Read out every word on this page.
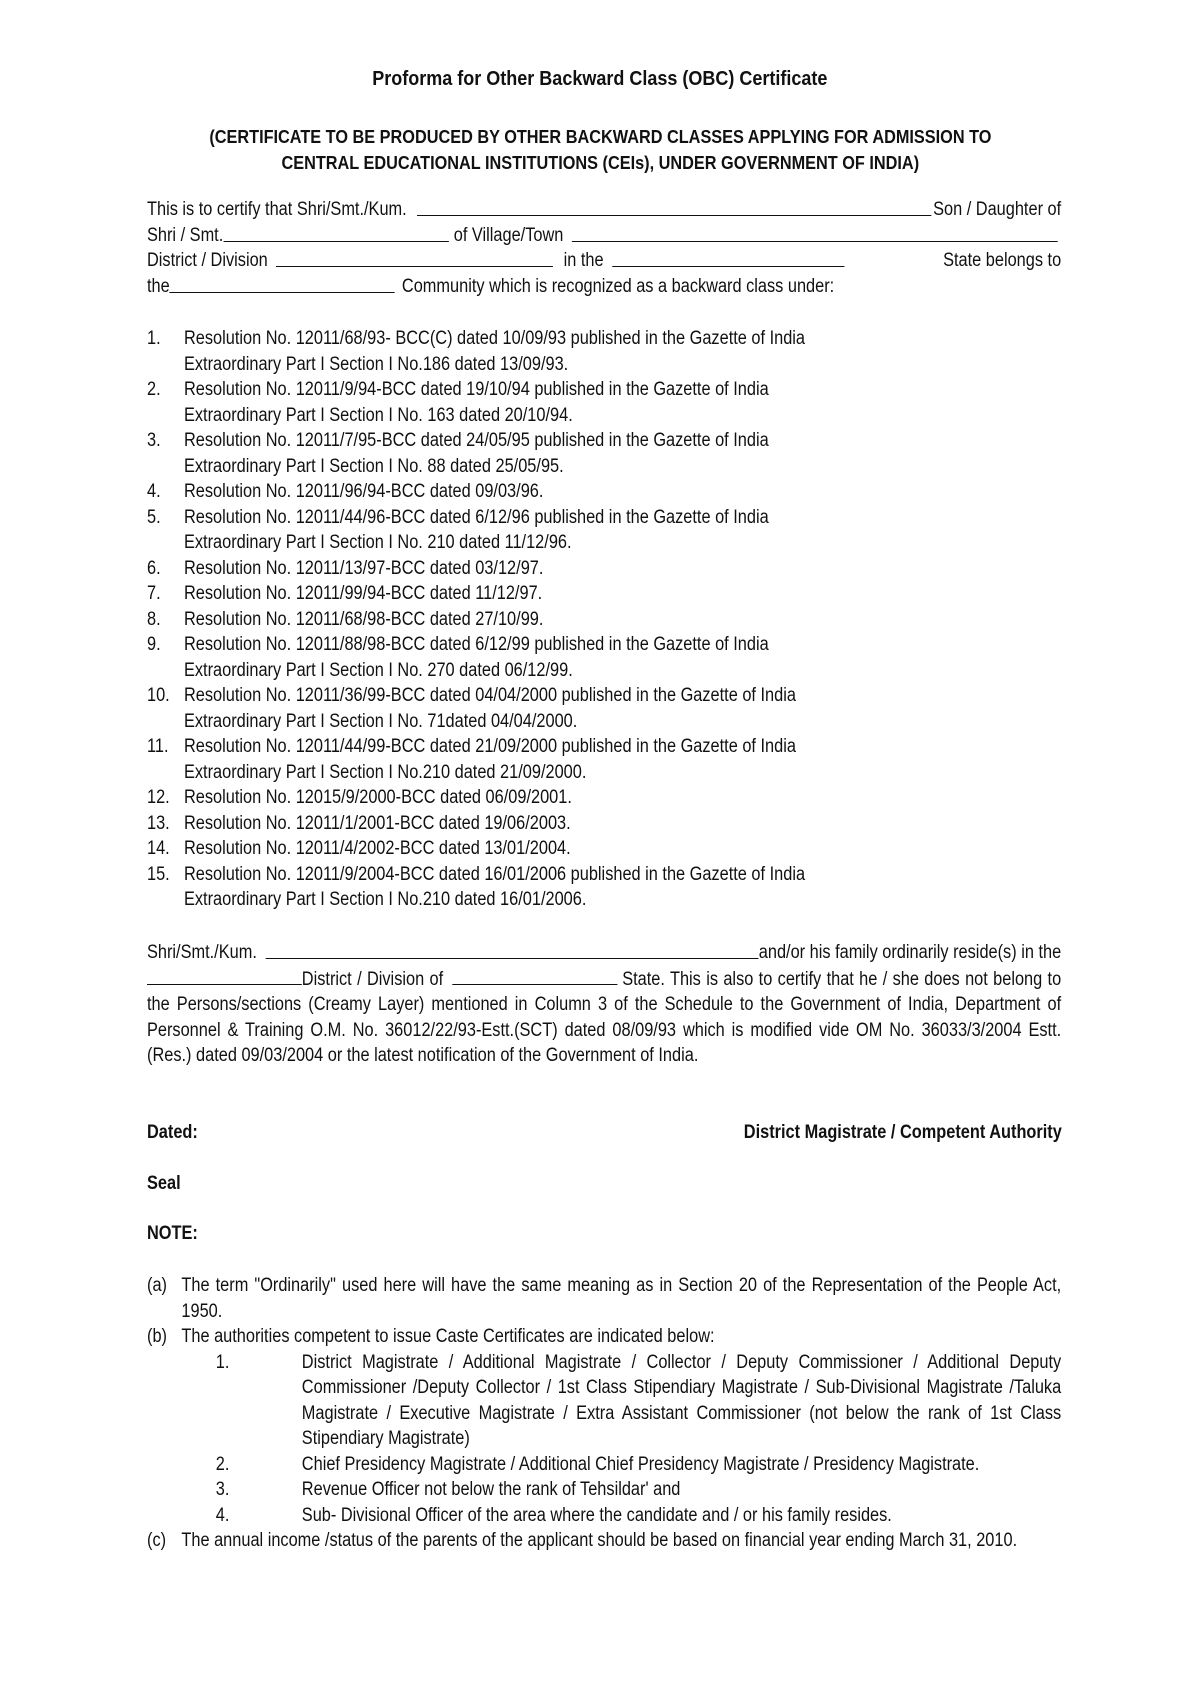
Proforma for Other Backward Class (OBC) Certificate
(CERTIFICATE TO BE PRODUCED BY OTHER BACKWARD CLASSES APPLYING FOR ADMISSION TO
CENTRAL EDUCATIONAL INSTITUTIONS (CEIs), UNDER GOVERNMENT OF INDIA)
This is to certify that Shri/Smt./Kum.	Son / Daughter of
Shri / Smt.	of Village/Town
District / Division	in the	State belongs to
the	Community which is recognized as a backward class under:
1.	Resolution No. 12011/68/93- BCC(C) dated 10/09/93 published in the Gazette of India
Extraordinary Part I Section I No.186 dated 13/09/93.
2.	Resolution No. 12011/9/94-BCC dated 19/10/94 published in the Gazette of India
Extraordinary Part I Section I No. 163 dated 20/10/94.
3.	Resolution No. 12011/7/95-BCC dated 24/05/95 published in the Gazette of India
Extraordinary Part I Section I No. 88 dated 25/05/95.
4.	Resolution No. 12011/96/94-BCC dated 09/03/96.
5.	Resolution No. 12011/44/96-BCC dated 6/12/96 published in the Gazette of India
Extraordinary Part I Section I No. 210 dated 11/12/96.
6.	Resolution No. 12011/13/97-BCC dated 03/12/97.
7.	Resolution No. 12011/99/94-BCC dated 11/12/97.
8.	Resolution No. 12011/68/98-BCC dated 27/10/99.
9.	Resolution No. 12011/88/98-BCC dated 6/12/99 published in the Gazette of India
Extraordinary Part I Section I No. 270 dated 06/12/99.
10. Resolution No. 12011/36/99-BCC dated 04/04/2000 published in the Gazette of India
Extraordinary Part I Section I No. 71dated 04/04/2000.
11. Resolution No. 12011/44/99-BCC dated 21/09/2000 published in the Gazette of India
Extraordinary Part I Section I No.210 dated 21/09/2000.
12. Resolution No. 12015/9/2000-BCC dated 06/09/2001.
13. Resolution No. 12011/1/2001-BCC dated 19/06/2003.
14. Resolution No. 12011/4/2002-BCC dated 13/01/2004.
15. Resolution No. 12011/9/2004-BCC dated 16/01/2006 published in the Gazette of India
Extraordinary Part I Section I No.210 dated 16/01/2006.
Shri/Smt./Kum.	and/or his family ordinarily reside(s) in the
District / Division of	State. This is also to certify that he / she does not belong to the Persons/sections (Creamy Layer) mentioned in Column 3 of the Schedule to the Government of India, Department of Personnel & Training O.M. No. 36012/22/93-Estt.(SCT) dated 08/09/93 which is modified vide OM No. 36033/3/2004 Estt. (Res.) dated 09/03/2004 or the latest notification of the Government of India.
Dated:	District Magistrate / Competent Authority
Seal
NOTE:
(a) The term "Ordinarily" used here will have the same meaning as in Section 20 of the Representation of the People Act, 1950.
(b) The authorities competent to issue Caste Certificates are indicated below:
1.	District Magistrate / Additional Magistrate / Collector / Deputy Commissioner / Additional Deputy Commissioner /Deputy Collector / 1st Class Stipendiary Magistrate / Sub-Divisional Magistrate /Taluka Magistrate / Executive Magistrate / Extra Assistant Commissioner (not below the rank of 1st Class Stipendiary Magistrate)
2.	Chief Presidency Magistrate / Additional Chief Presidency Magistrate / Presidency Magistrate.
3.	Revenue Officer not below the rank of Tehsildar' and
4.	Sub- Divisional Officer of the area where the candidate and / or his family resides.
(c) The annual income /status of the parents of the applicant should be based on financial year ending March 31, 2010.
